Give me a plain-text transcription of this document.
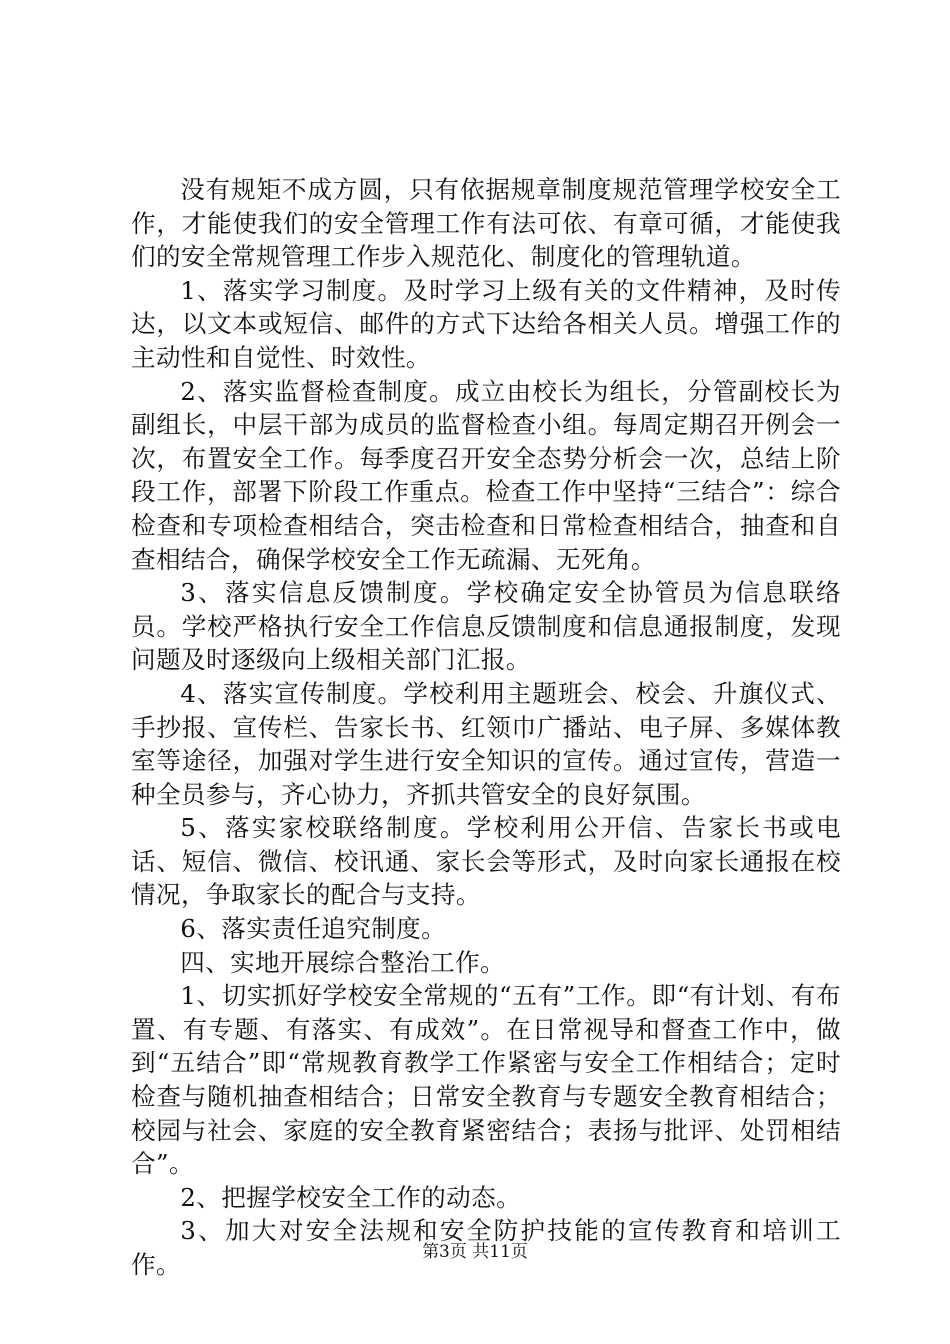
没有规矩不成方圆，只有依据规章制度规范管理学校安全工作，才能使我们的安全管理工作有法可依、有章可循，才能使我们的安全常规管理工作步入规范化、制度化的管理轨道。

1、落实学习制度。及时学习上级有关的文件精神，及时传达，以文本或短信、邮件的方式下达给各相关人员。增强工作的主动性和自觉性、时效性。

2、落实监督检查制度。成立由校长为组长，分管副校长为副组长，中层干部为成员的监督检查小组。每周定期召开例会一次，布置安全工作。每季度召开安全态势分析会一次，总结上阶段工作，部署下阶段工作重点。检查工作中坚持“三结合”：综合检查和专项检查相结合，突击检查和日常检查相结合，抽查和自查相结合，确保学校安全工作无疏漏、无死角。

3、落实信息反馈制度。学校确定安全协管员为信息联络员。学校严格执行安全工作信息反馈制度和信息通报制度，发现问题及时逐级向上级相关部门汇报。

4、落实宣传制度。学校利用主题班会、校会、升旗仪式、手抄报、宣传栏、告家长书、红领巾广播站、电子屏、多媒体教室等途径，加强对学生进行安全知识的宣传。通过宣传，营造一种全员参与，齐心协力，齐抓共管安全的良好氛围。

5、落实家校联络制度。学校利用公开信、告家长书或电话、短信、微信、校讯通、家长会等形式，及时向家长通报在校情况，争取家长的配合与支持。

6、落实责任追究制度。

四、实地开展综合整治工作。

1、切实抓好学校安全常规的“五有”工作。即“有计划、有布置、有专题、有落实、有成效”。在日常视导和督查工作中，做到“五结合”即“常规教育教学工作紧密与安全工作相结合；定时检查与随机抽查相结合；日常安全教育与专题安全教育相结合；校园与社会、家庭的安全教育紧密结合；表扬与批评、处罚相结合”。

2、把握学校安全工作的动态。

3、加大对安全法规和安全防护技能的宣传教育和培训工作。	第3页 共11页
